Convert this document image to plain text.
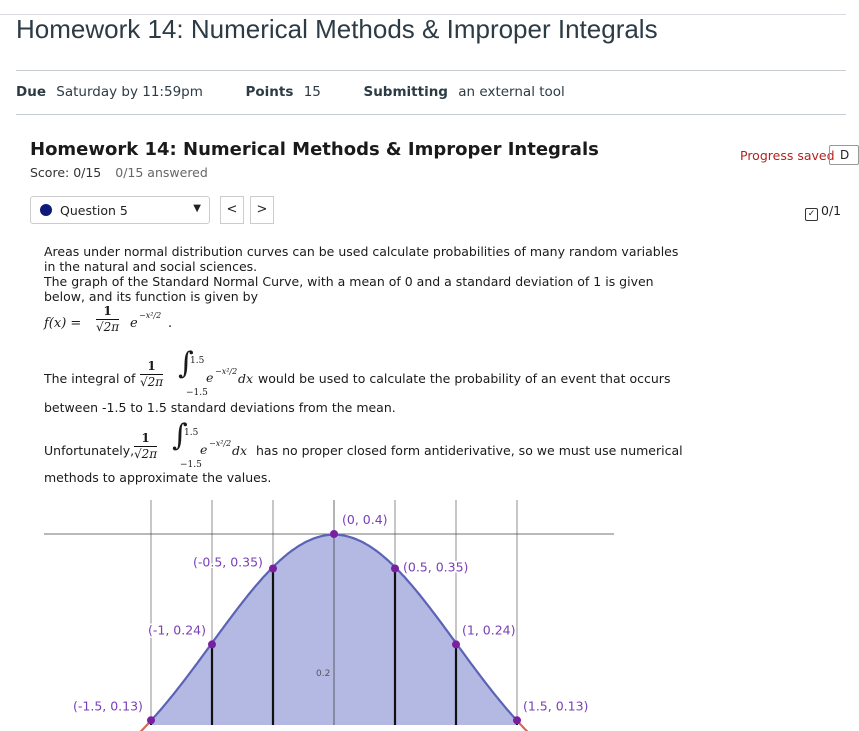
Homework 14: Numerical Methods & Improper Integrals
Due Saturday by 11:59pm	Points 15	Submitting an external tool
Homework 14: Numerical Methods & Improper Integrals
Score: 0/15 0/15 answered
Progress saved D
Question 5	▼	<	>	✓ 0/1
Areas under normal distribution curves can be used calculate probabilities of many random variables in the natural and social sciences.
The graph of the Standard Normal Curve, with a mean of 0 and a standard deviation of 1 is given below, and its function is given by
$f(x) = \frac{1}{√2\pi}$ e
−x²/2
.
The integral of $\frac{1}{√2\pi}$ ∫
1.5
−1.5
e −x²/2 dx would be used to calculate the probability of an event that occurs
between -1.5 to 1.5 standard deviations from the mean.
Unfortunately, $\frac{1}{√2\pi}$ ∫
1.5
−1.5
e −x²/2 dx has no proper closed form antiderivative, so we must use numerical
methods to approximate the values.
0.2
(-1.5, 0.13)
(-1, 0.24)
(-0.5, 0.35)
(0, 0.4)
(0.5, 0.35)
(1, 0.24)
(1.5, 0.13)
